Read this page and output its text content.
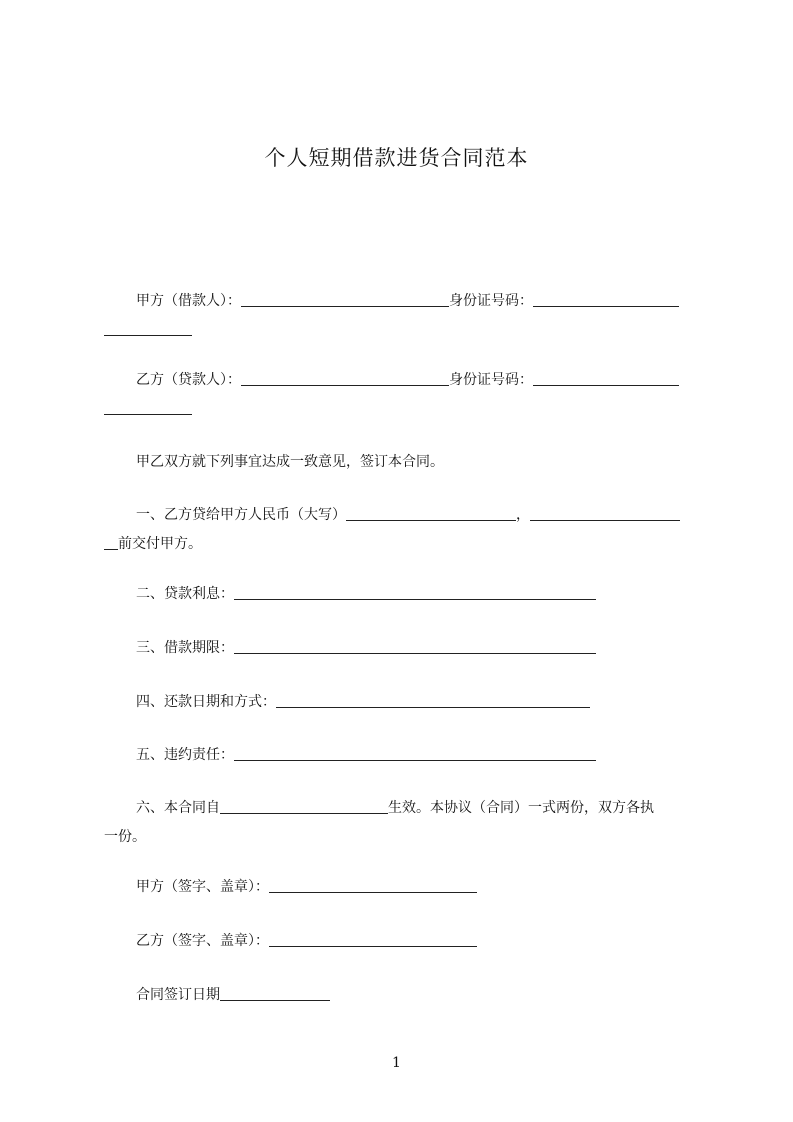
个人短期借款进货合同范本
甲方（借款人）：	身份证号码：
乙方（贷款人）：	身份证号码：
甲乙双方就下列事宜达成一致意见，签订本合同。
一、乙方贷给甲方人民币（大写）	，
前交付甲方。
二、贷款利息：
三、借款期限：
四、还款日期和方式：
五、违约责任：
六、本合同自	生效。本协议（合同）一式两份，双方各执
一份。
甲方（签字、盖章）：
乙方（签字、盖章）：
合同签订日期
1
